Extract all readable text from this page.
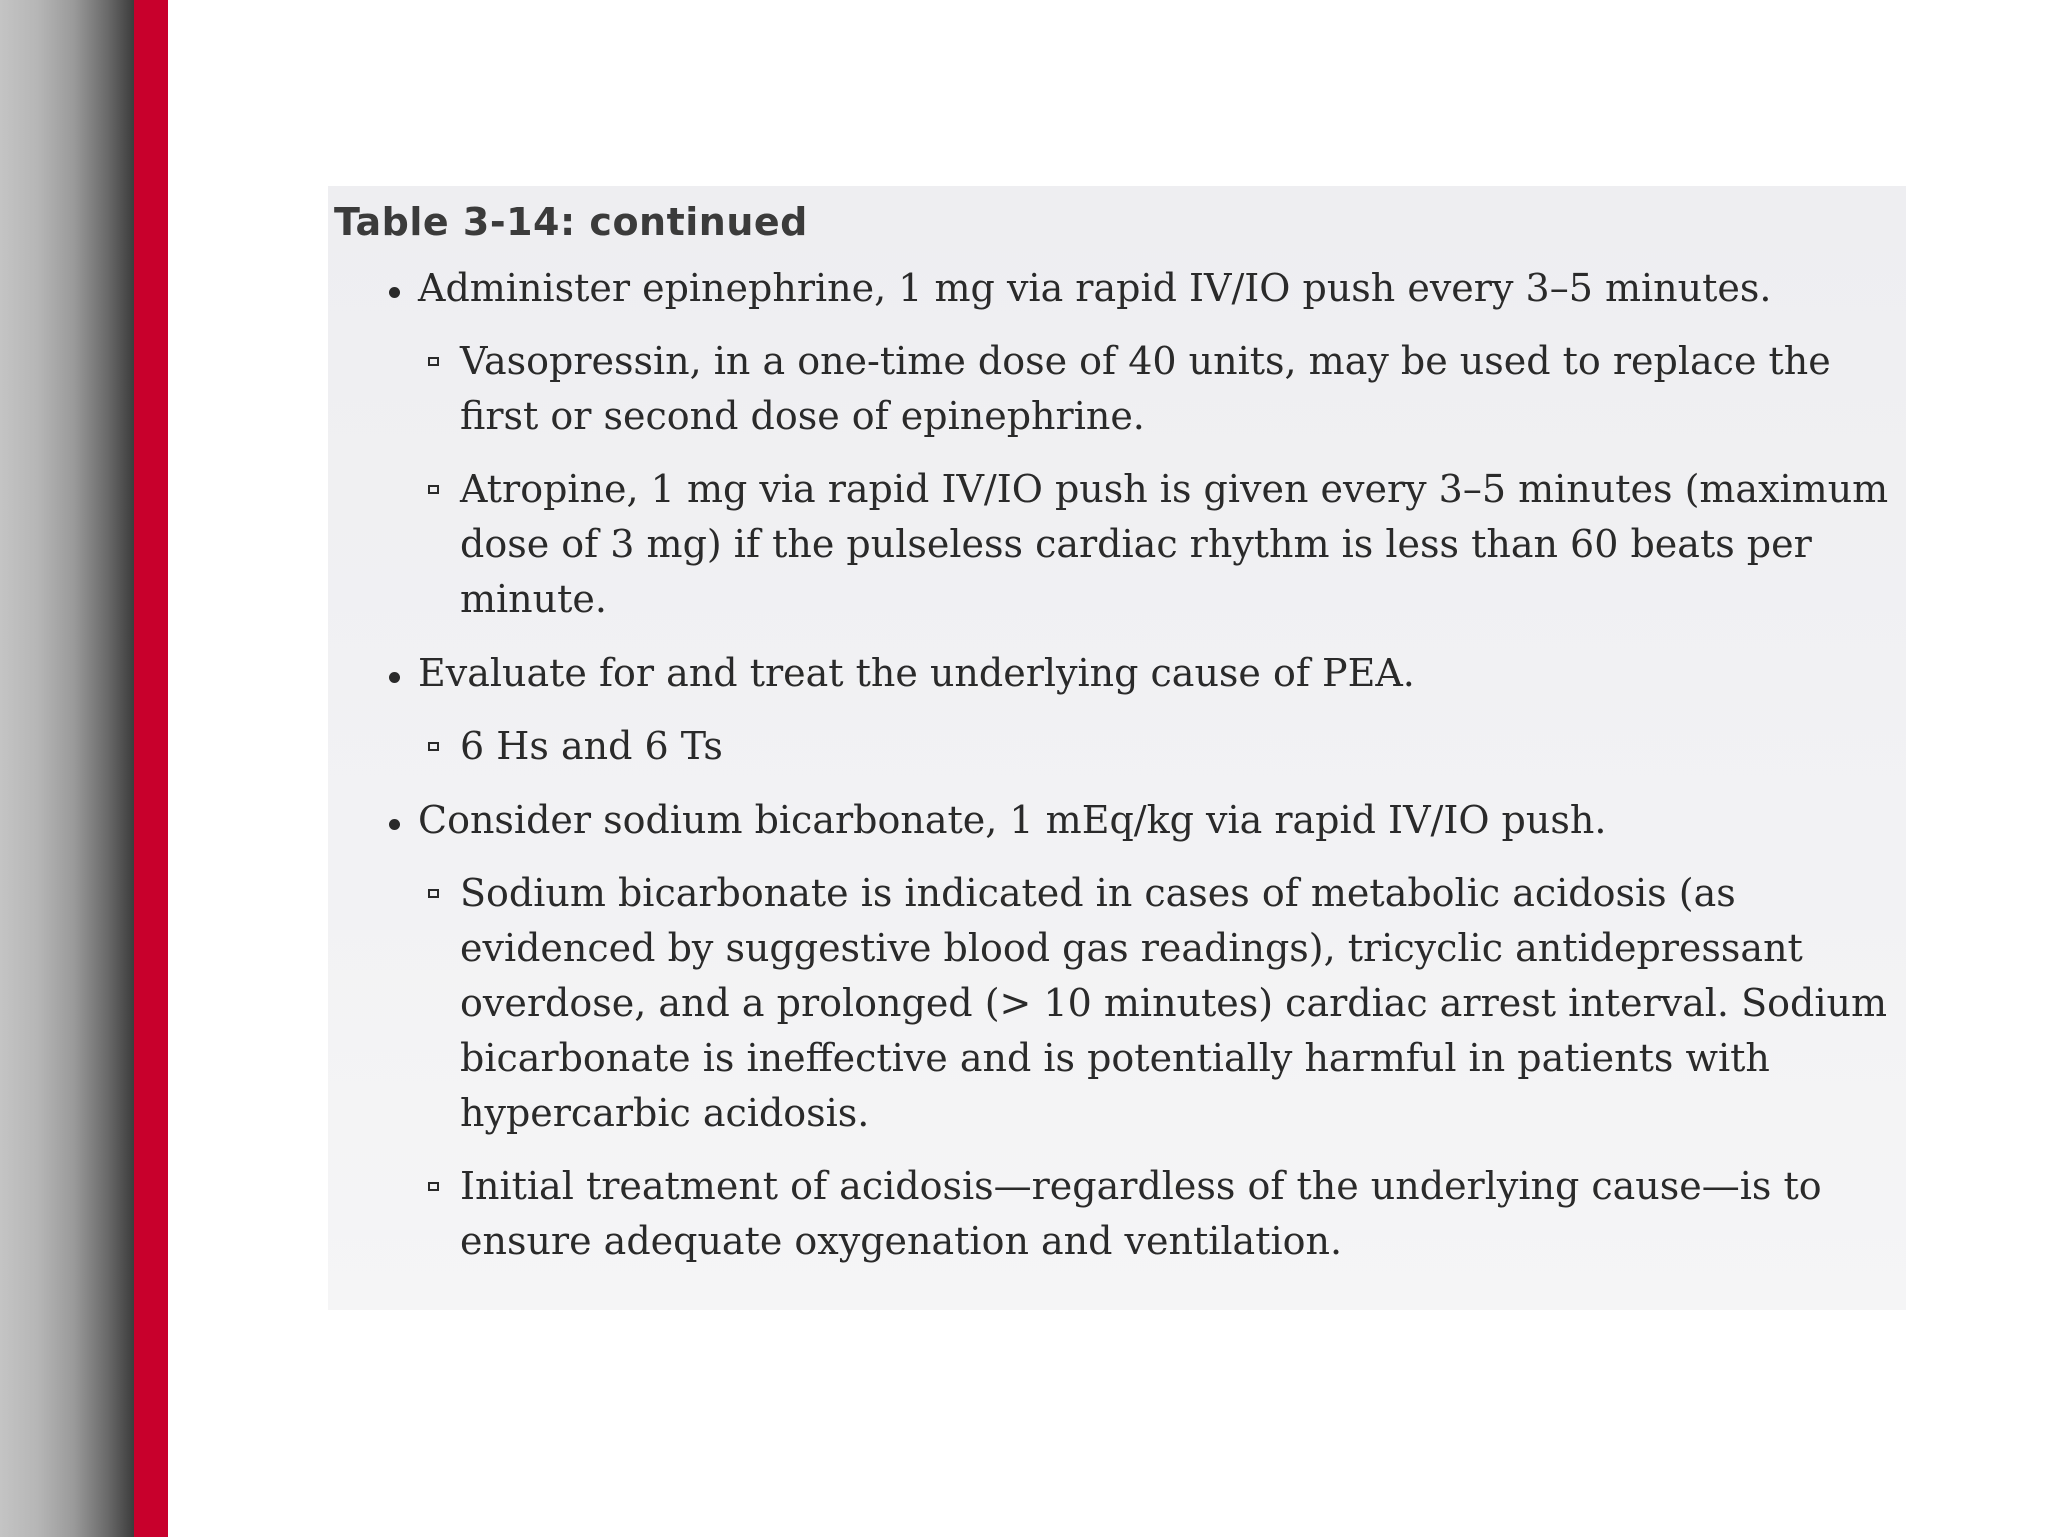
Table 3-14: continued
Administer epinephrine, 1 mg via rapid IV/IO push every 3–5 minutes.
Vasopressin, in a one-time dose of 40 units, may be used to replace the first or second dose of epinephrine.
Atropine, 1 mg via rapid IV/IO push is given every 3–5 minutes (maximum dose of 3 mg) if the pulseless cardiac rhythm is less than 60 beats per minute.
Evaluate for and treat the underlying cause of PEA.
6 Hs and 6 Ts
Consider sodium bicarbonate, 1 mEq/kg via rapid IV/IO push.
Sodium bicarbonate is indicated in cases of metabolic acidosis (as evidenced by suggestive blood gas readings), tricyclic antidepressant overdose, and a prolonged (> 10 minutes) cardiac arrest interval. Sodium bicarbonate is ineffective and is potentially harmful in patients with hypercarbic acidosis.
Initial treatment of acidosis—regardless of the underlying cause—is to ensure adequate oxygenation and ventilation.
